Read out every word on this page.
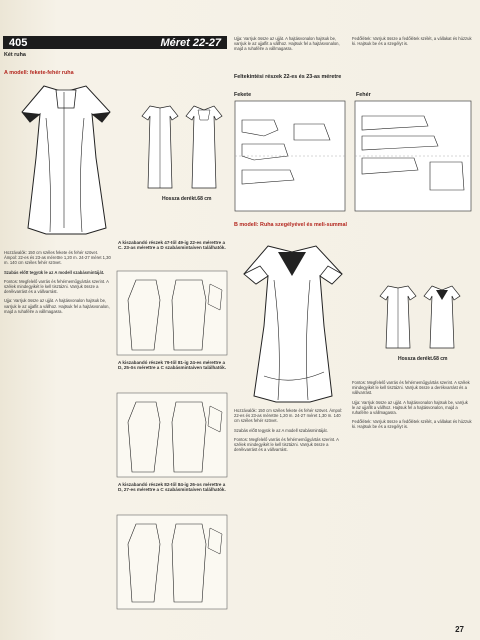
405	Méret 22-27
Két ruha
A modell: fekete-fehér ruha
Hossza derékt.68 cm
A kiszabandó részek 47-től 49-ig 22-es mérettre a C. 23-as mérettre a D szabásmintaíven találhatók.
A kiszabandó részek 79-től 81-ig 24-es mérettre a D, 25-ös mérettre a C szabásmintaíven találhatók.
A kiszabandó részek 82-től 84-ig 26-os mérettre a D, 27-es mérettre a C szabásmintaíven találhatók.
Hozzávalók: 150 cm széles fekete és fehér szövet. Ámpol: 22-es és 23-as mérettre 1,20 m. 24-27 méret 1,30 m. 140 cm széles fehér szövet.
Szabás előtt tegyük le az A modell szabásmintáját.
Fontos: Megfelelő varrás és fehérneműgyártás szerint. A szélek mindegyikét le kell tisztázni. Varrjuk össze a derékvarrást és a vállvarrást.
Ujja: Varrjuk össze az ujját. A hajtásvonalon hajtsuk be, varrjuk le az ujjaflit a vállhoz. Hajtsuk fel a hajtásvonalon, majd a ruhafélre a vállmagasra.
Ujja: Varrjuk össze az ujját. A hajtásvonalon hajtsuk be, varrjuk le az ujjaflit a vállhoz. Hajtsuk fel a hajtásvonalon, majd a ruhafélre a vállmagasra.
Fedőlétek: Varrjuk össze a fedőlétek szélét, a vállakat és húzzuk ki. Hajtsuk be és a szegélyt is.
Feltekintési részek 22-es és 23-as méretre
Fekete	Fehér
B modell: Ruha szegélyével és meli-summal
Hossza derékt.68 cm
Hozzávalók: 150 cm széles fekete és fehér szövet. Ámpol: 22-es és 23-as mérettre 1,20 m. 24-27 méret 1,30 m. 140 cm széles fehér szövet.
Szabás előtt tegyük le az A modell szabásmintáját.
Fontos: Megfelelő varrás és fehérneműgyártás szerint. A szélek mindegyikét le kell tisztázni. Varrjuk össze a derékvarrást és a vállvarrást.
Fontos: Megfelelő varrás és fehérneműgyártás szerint. A szélek mindegyikét le kell tisztázni. Varrjuk össze a derékvarrást és a vállvarrást.
Ujja: Varrjuk össze az ujját. A hajtásvonalon hajtsuk be, varrjuk le az ujjaflit a vállhoz. Hajtsuk fel a hajtásvonalon, majd a ruhafélre a vállmagasra.
Fedőlétek: Varrjuk össze a fedőlétek szélét, a vállakat és húzzuk ki. Hajtsuk be és a szegélyt is.
27
